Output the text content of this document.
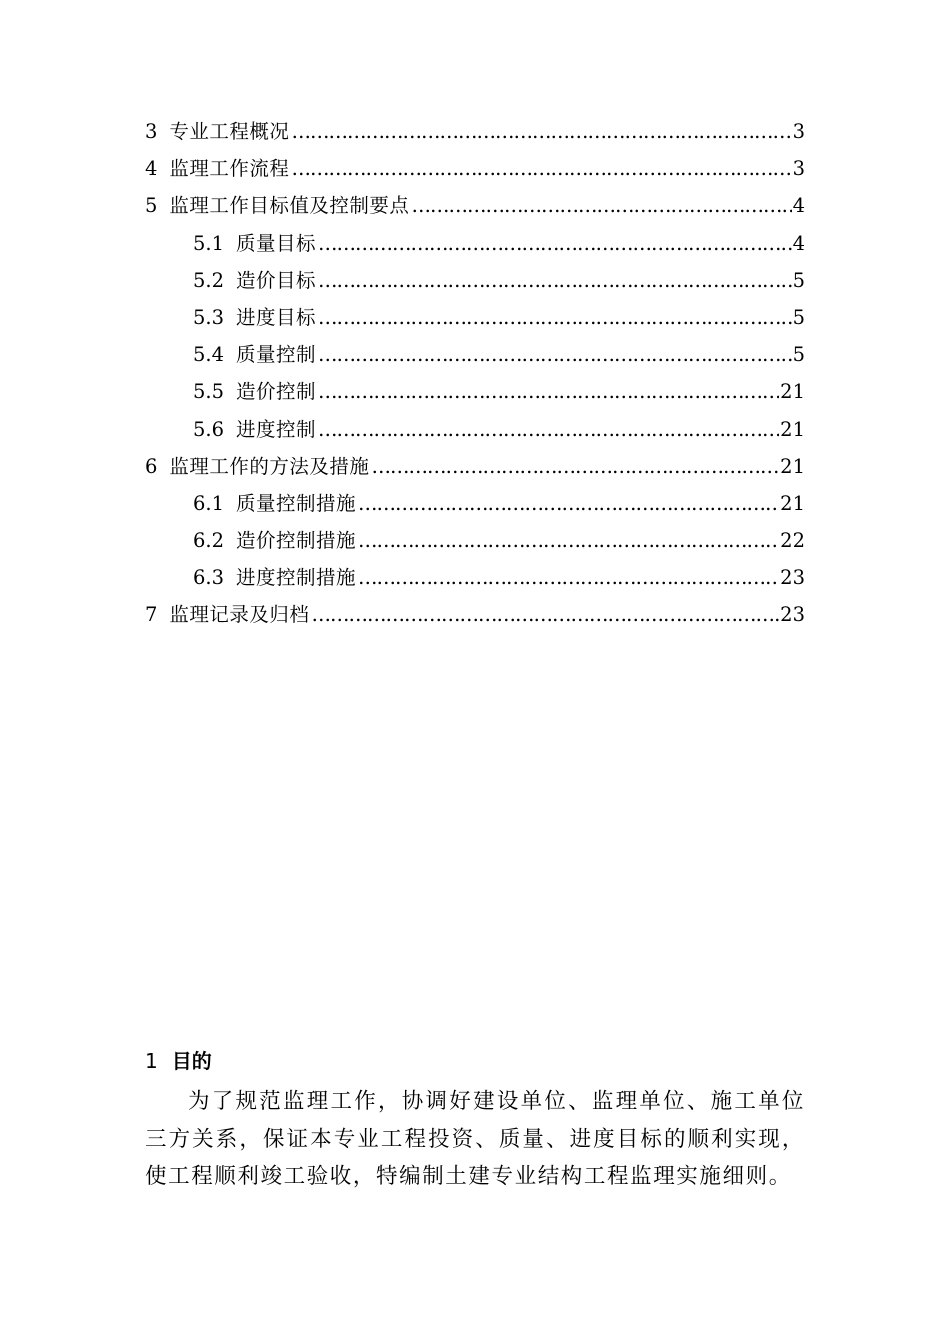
3 专业工程概况 …………………………………………………………………………………………………………………………………………………	3
4 监理工作流程 …………………………………………………………………………………………………………………………………………………	3
5 监理工作目标值及控制要点 …………………………………………………………………………………………………………………………………………………	4
5.1 质量目标 …………………………………………………………………………………………………………………………………………………	4
5.2 造价目标 …………………………………………………………………………………………………………………………………………………	5
5.3 进度目标 …………………………………………………………………………………………………………………………………………………	5
5.4 质量控制 …………………………………………………………………………………………………………………………………………………	5
5.5 造价控制 …………………………………………………………………………………………………………………………………………………	21
5.6 进度控制 …………………………………………………………………………………………………………………………………………………	21
6 监理工作的方法及措施 …………………………………………………………………………………………………………………………………………………	21
6.1 质量控制措施 …………………………………………………………………………………………………………………………………………………	21
6.2 造价控制措施 …………………………………………………………………………………………………………………………………………………	22
6.3 进度控制措施 …………………………………………………………………………………………………………………………………………………	23
7 监理记录及归档 …………………………………………………………………………………………………………………………………………………	23
1 目的

为了规范监理工作，协调好建设单位、监理单位、施工单位三方关系，保证本专业工程投资、质量、进度目标的顺利实现，使工程顺利竣工验收，特编制土建专业结构工程监理实施细则。
